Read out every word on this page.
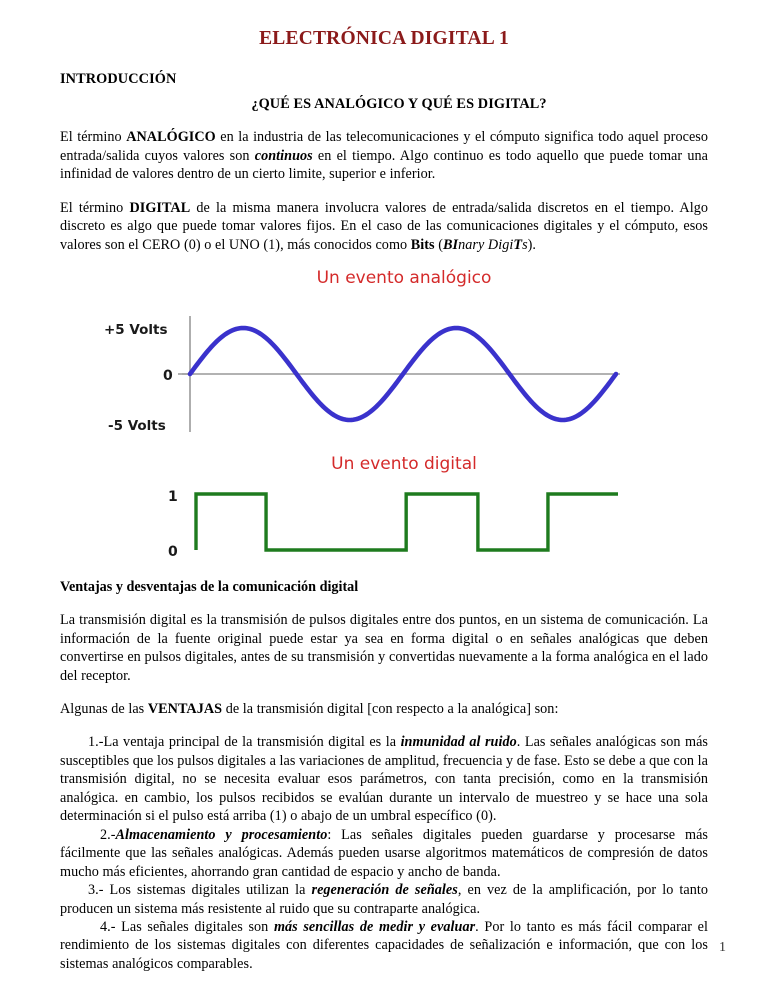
ELECTRÓNICA DIGITAL 1
INTRODUCCIÓN
¿QUÉ ES ANALÓGICO Y QUÉ ES DIGITAL?

El término ANALÓGICO en la industria de las telecomunicaciones y el cómputo significa todo aquel proceso entrada/salida cuyos valores son continuos en el tiempo. Algo continuo es todo aquello que puede tomar una infinidad de valores dentro de un cierto limite, superior e inferior.

El término DIGITAL de la misma manera involucra valores de entrada/salida discretos en el tiempo. Algo discreto es algo que puede tomar valores fijos. En el caso de las comunicaciones digitales y el cómputo, esos valores son el CERO (0) o el UNO (1), más conocidos como Bits (BInary DigiTs).

Un evento analógico
+5 Volts
0
-5 Volts
Un evento digital
1
0
Ventajas y desventajas de la comunicación digital

La transmisión digital es la transmisión de pulsos digitales entre dos puntos, en un sistema de comunicación. La información de la fuente original puede estar ya sea en forma digital o en señales analógicas que deben convertirse en pulsos digitales, antes de su transmisión y convertidas nuevamente a la forma analógica en el lado del receptor.

Algunas de las VENTAJAS de la transmisión digital [con respecto a la analógica] son:

1.-La ventaja principal de la transmisión digital es la inmunidad al ruido. Las señales analógicas son más susceptibles que los pulsos digitales a las variaciones de amplitud, frecuencia y de fase. Esto se debe a que con la transmisión digital, no se necesita evaluar esos parámetros, con tanta precisión, como en la transmisión analógica. en cambio, los pulsos recibidos se evalúan durante un intervalo de muestreo y se hace una sola determinación si el pulso está arriba (1) o abajo de un umbral específico (0).

2.-Almacenamiento y procesamiento: Las señales digitales pueden guardarse y procesarse más fácilmente que las señales analógicas. Además pueden usarse algoritmos matemáticos de compresión de datos mucho más eficientes, ahorrando gran cantidad de espacio y ancho de banda.

3.- Los sistemas digitales utilizan la regeneración de señales, en vez de la amplificación, por lo tanto producen un sistema más resistente al ruido que su contraparte analógica.

4.- Las señales digitales son más sencillas de medir y evaluar. Por lo tanto es más fácil comparar el rendimiento de los sistemas digitales con diferentes capacidades de señalización e información, que con los sistemas analógicos comparables.

1
